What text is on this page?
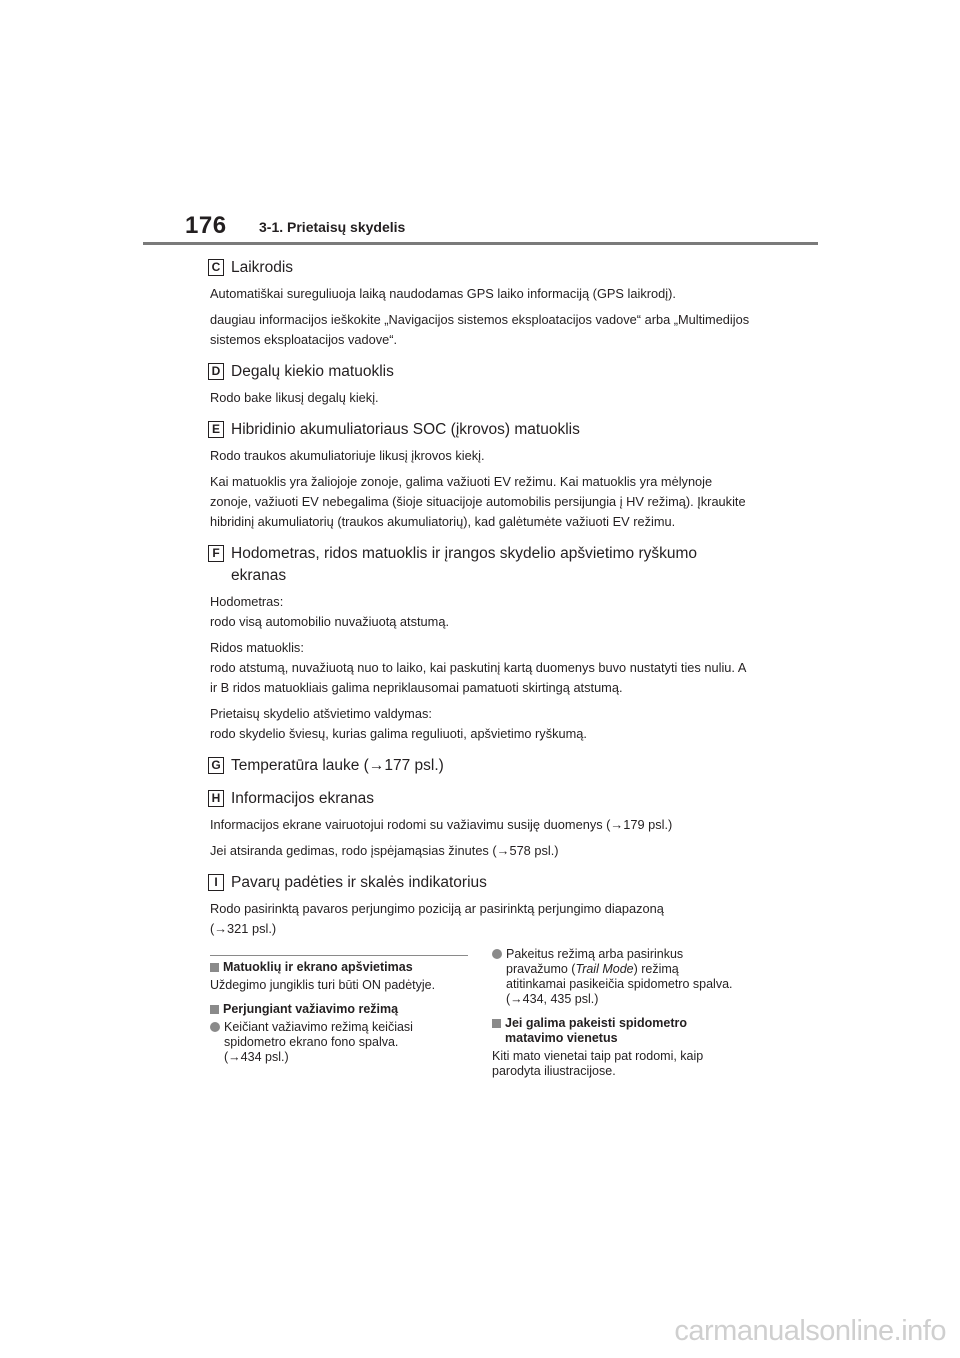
176 3-1. Prietaisų skydelis
C Laikrodis

Automatiškai sureguliuoja laiką naudodamas GPS laiko informaciją (GPS laikrodį).

daugiau informacijos ieškokite „Navigacijos sistemos eksploatacijos vadove“ arba „Multimedijos sistemos eksploatacijos vadove“.

D Degalų kiekio matuoklis

Rodo bake likusį degalų kiekį.

E Hibridinio akumuliatoriaus SOC (įkrovos) matuoklis

Rodo traukos akumuliatoriuje likusį įkrovos kiekį.

Kai matuoklis yra žaliojoje zonoje, galima važiuoti EV režimu. Kai matuoklis yra mėlynoje zonoje, važiuoti EV nebegalima (šioje situacijoje automobilis persijungia į HV režimą). Įkraukite hibridinį akumuliatorių (traukos akumuliatorių), kad galėtumėte važiuoti EV režimu.

F Hodometras, ridos matuoklis ir įrangos skydelio apšvietimo ryškumo ekranas

Hodometras:
rodo visą automobilio nuvažiuotą atstumą.

Ridos matuoklis:
rodo atstumą, nuvažiuotą nuo to laiko, kai paskutinį kartą duomenys buvo nustatyti ties nuliu. A ir B ridos matuokliais galima nepriklausomai pamatuoti skirtingą atstumą.

Prietaisų skydelio atšvietimo valdymas:
rodo skydelio šviesų, kurias galima reguliuoti, apšvietimo ryškumą.

G Temperatūra lauke (→177 psl.)

H Informacijos ekranas

Informacijos ekrane vairuotojui rodomi su važiavimu susiję duomenys (→179 psl.)

Jei atsiranda gedimas, rodo įspėjamąsias žinutes (→578 psl.)

I Pavarų padėties ir skalės indikatorius

Rodo pasirinktą pavaros perjungimo poziciją ar pasirinktą perjungimo diapazoną
(→321 psl.)

Matuoklių ir ekrano apšvietimas

Uždegimo jungiklis turi būti ON padėtyje.

Perjungiant važiavimo režimą
Keičiant važiavimo režimą keičiasi spidometro ekrano fono spalva.
(→434 psl.)
Pakeitus režimą arba pasirinkus pravažumo (Trail Mode) režimą atitinkamai pasikeičia spidometro spalva. (→434, 435 psl.)
Jei galima pakeisti spidometro matavimo vienetus

Kiti mato vienetai taip pat rodomi, kaip parodyta iliustracijose.

carmanualsonline.info
